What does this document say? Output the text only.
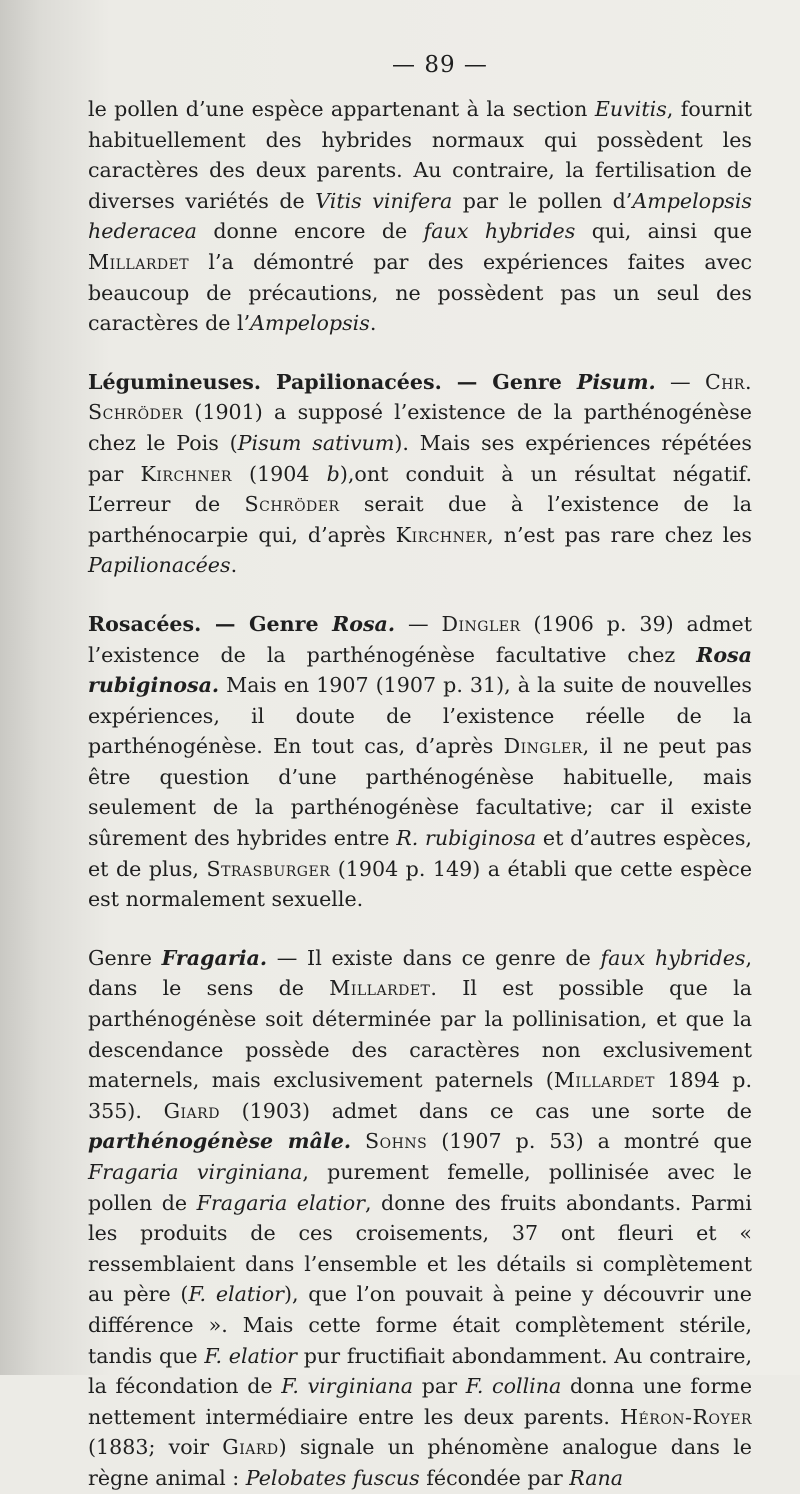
— 89 —

le pollen d’une espèce appartenant à la section Euvitis, fournit habituellement des hybrides normaux qui possèdent les caractères des deux parents. Au contraire, la fertilisation de diverses variétés de Vitis vinifera par le pollen d’Ampelopsis hederacea donne encore de faux hybrides qui, ainsi que Millardet l’a démontré par des expériences faites avec beaucoup de précautions, ne possèdent pas un seul des caractères de l’Ampelopsis.

Légumineuses. Papilionacées. — Genre Pisum. — Chr. Schröder (1901) a supposé l’existence de la parthénogénèse chez le Pois (Pisum sativum). Mais ses expériences répétées par Kirchner (1904 b),ont conduit à un résultat négatif. L’erreur de Schröder serait due à l’existence de la parthénocarpie qui, d’après Kirchner, n’est pas rare chez les Papilionacées.

Rosacées. — Genre Rosa. — Dingler (1906 p. 39) admet l’existence de la parthénogénèse facultative chez Rosa rubiginosa. Mais en 1907 (1907 p. 31), à la suite de nouvelles expériences, il doute de l’existence réelle de la parthénogénèse. En tout cas, d’après Dingler, il ne peut pas être question d’une parthénogénèse habituelle, mais seulement de la parthénogénèse facultative; car il existe sûrement des hybrides entre R. rubiginosa et d’autres espèces, et de plus, Strasburger (1904 p. 149) a établi que cette espèce est normalement sexuelle.

Genre Fragaria. — Il existe dans ce genre de faux hybrides, dans le sens de Millardet. Il est possible que la parthénogénèse soit déterminée par la pollinisation, et que la descendance possède des caractères non exclusivement maternels, mais exclusivement paternels (Millardet 1894 p. 355). Giard (1903) admet dans ce cas une sorte de parthénogénèse mâle. Sohns (1907 p. 53) a montré que Fragaria virginiana, purement femelle, pollinisée avec le pollen de Fragaria elatior, donne des fruits abondants. Parmi les produits de ces croisements, 37 ont fleuri et « ressemblaient dans l’ensemble et les détails si complètement au père (F. elatior), que l’on pouvait à peine y découvrir une différence ». Mais cette forme était complètement stérile, tandis que F. elatior pur fructifiait abondamment. Au contraire, la fécondation de F. virginiana par F. collina donna une forme nettement intermédiaire entre les deux parents. Héron-Royer (1883; voir Giard) signale un phénomène analogue dans le règne animal : Pelobates fuscus fécondée par Rana
